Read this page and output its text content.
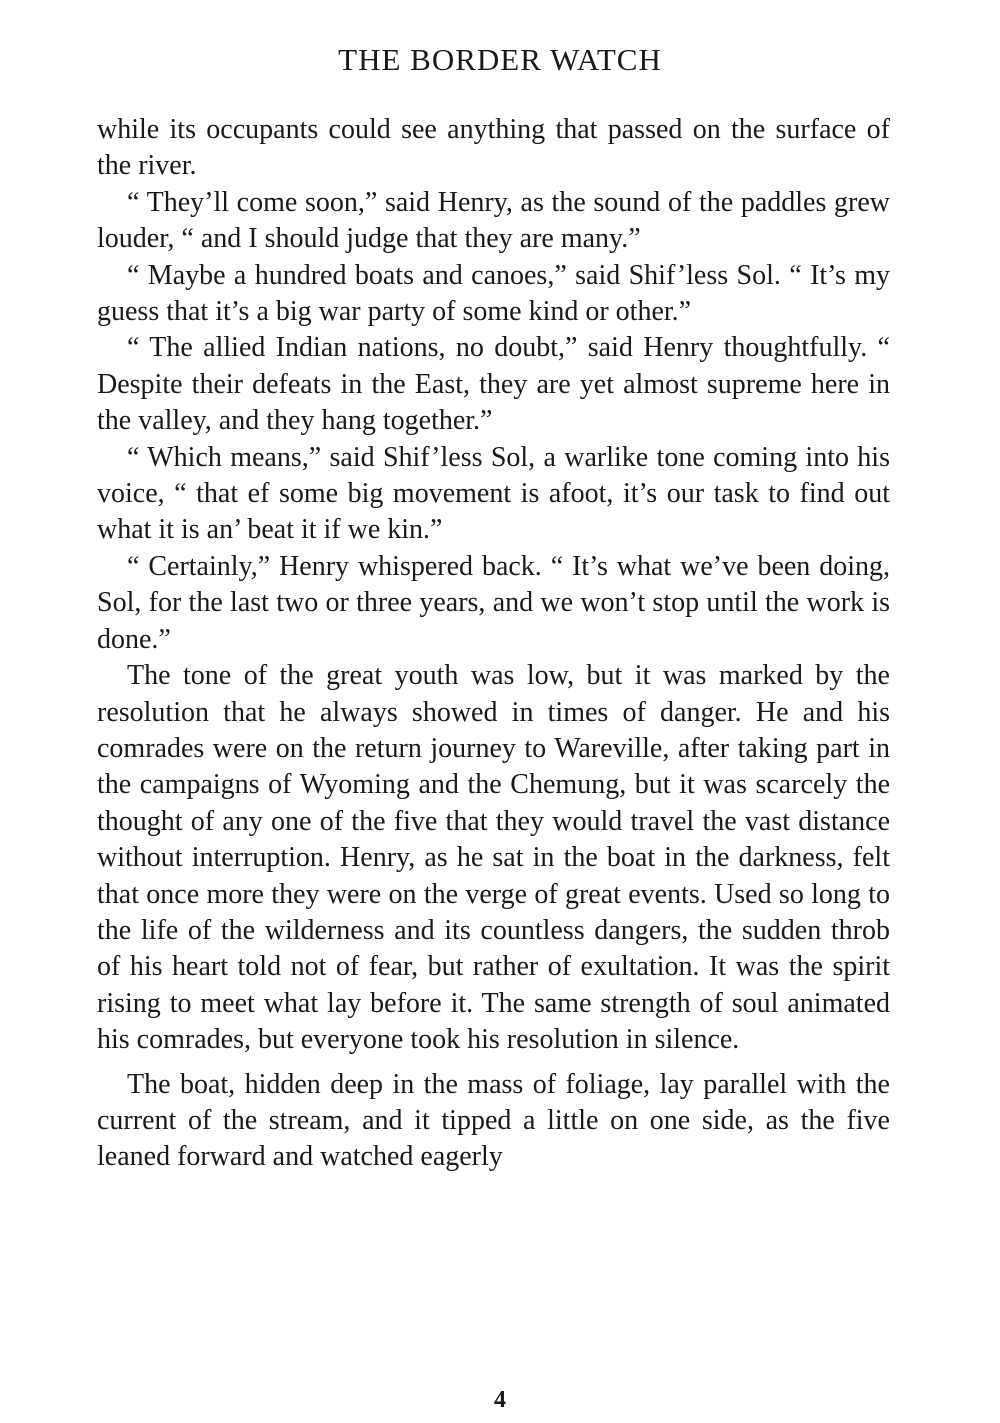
THE BORDER WATCH

while its occupants could see anything that passed on the surface of the river.

“ They’ll come soon,” said Henry, as the sound of the paddles grew louder, “ and I should judge that they are many.”

“ Maybe a hundred boats and canoes,” said Shif’less Sol. “ It’s my guess that it’s a big war party of some kind or other.”

“ The allied Indian nations, no doubt,” said Henry thoughtfully. “ Despite their defeats in the East, they are yet almost supreme here in the valley, and they hang together.”

“ Which means,” said Shif’less Sol, a warlike tone coming into his voice, “ that ef some big movement is afoot, it’s our task to find out what it is an’ beat it if we kin.”

“ Certainly,” Henry whispered back. “ It’s what we’ve been doing, Sol, for the last two or three years, and we won’t stop until the work is done.”

The tone of the great youth was low, but it was marked by the resolution that he always showed in times of danger. He and his comrades were on the return journey to Wareville, after taking part in the campaigns of Wyoming and the Chemung, but it was scarcely the thought of any one of the five that they would travel the vast distance without interruption. Henry, as he sat in the boat in the darkness, felt that once more they were on the verge of great events. Used so long to the life of the wilderness and its countless dangers, the sudden throb of his heart told not of fear, but rather of exultation. It was the spirit rising to meet what lay before it. The same strength of soul animated his comrades, but everyone took his resolution in silence.

The boat, hidden deep in the mass of foliage, lay parallel with the current of the stream, and it tipped a little on one side, as the five leaned forward and watched eagerly

4
